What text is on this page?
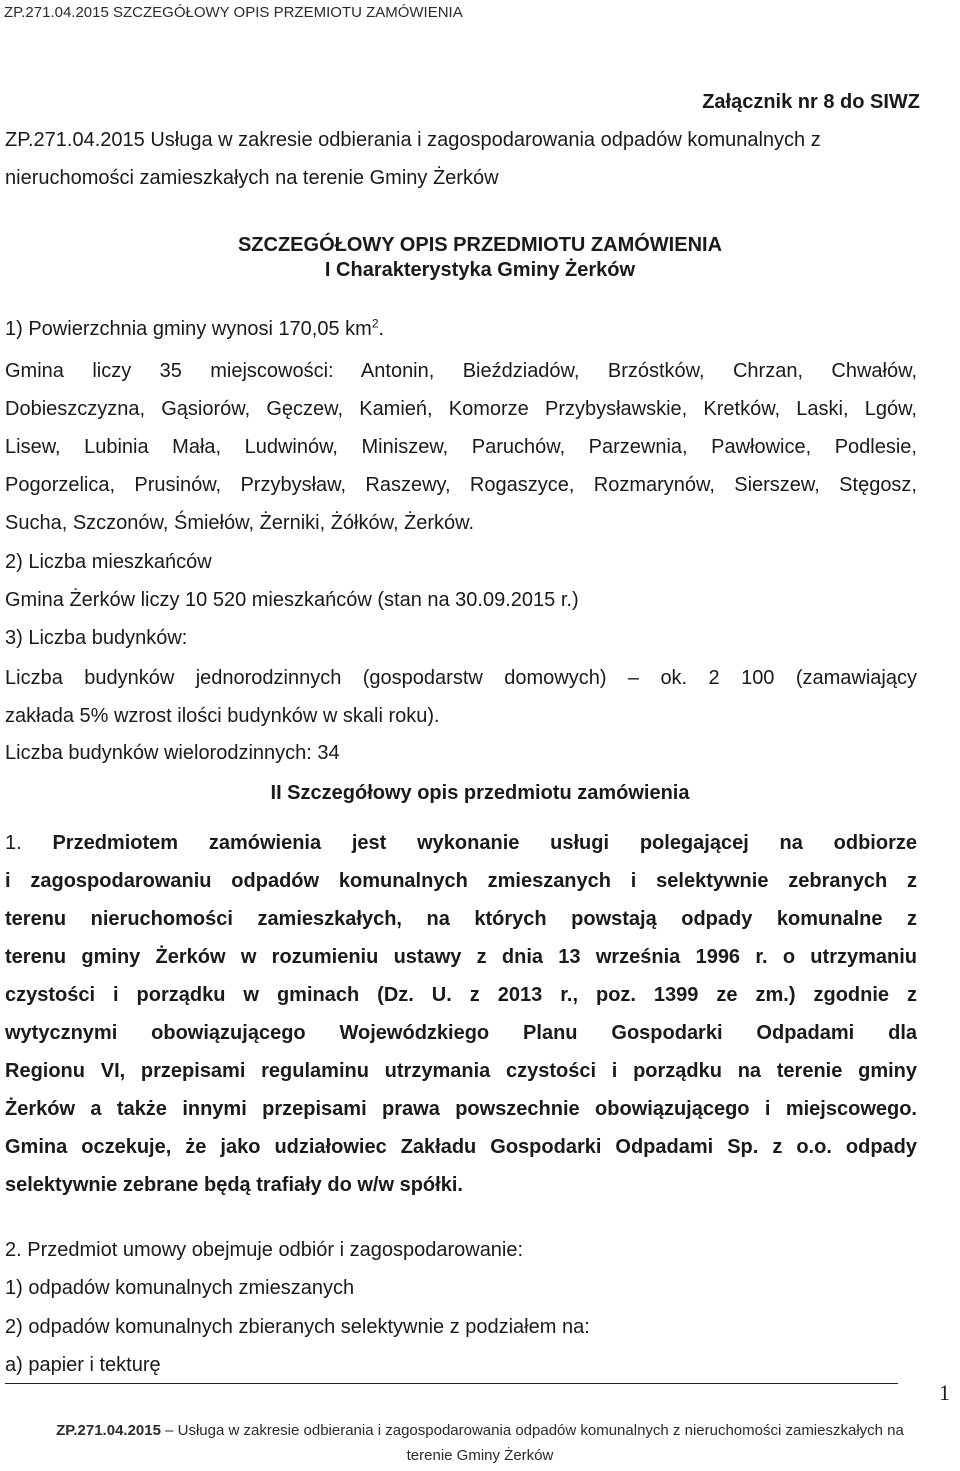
ZP.271.04.2015 SZCZEGÓŁOWY OPIS PRZEMIOTU ZAMÓWIENIA
Załącznik nr 8 do SIWZ
ZP.271.04.2015 Usługa w zakresie odbierania i zagospodarowania odpadów komunalnych z
nieruchomości zamieszkałych na terenie Gminy Żerków
SZCZEGÓŁOWY OPIS PRZEDMIOTU ZAMÓWIENIA
I Charakterystyka Gminy Żerków
1) Powierzchnia gminy wynosi 170,05 $km^2$.
Gmina liczy 35 miejscowości: Antonin, Bieździadów, Brzóstków, Chrzan, Chwałów,
Dobieszczyzna, Gąsiorów, Gęczew, Kamień, Komorze Przybysławskie, Kretków, Laski, Lgów,
Lisew, Lubinia Mała, Ludwinów, Miniszew, Paruchów, Parzewnia, Pawłowice, Podlesie,
Pogorzelica, Prusinów, Przybysław, Raszewy, Rogaszyce, Rozmarynów, Sierszew, Stęgosz,
Sucha, Szczonów, Śmiełów, Żerniki, Żółków, Żerków.
2) Liczba mieszkańców
Gmina Żerków liczy 10 520 mieszkańców (stan na 30.09.2015 r.)
3) Liczba budynków:
Liczba budynków jednorodzinnych (gospodarstw domowych) – ok. 2 100 (zamawiający
zakłada 5% wzrost ilości budynków w skali roku).
Liczba budynków wielorodzinnych: 34
II Szczegółowy opis przedmiotu zamówienia
1. Przedmiotem zamówienia jest wykonanie usługi polegającej na odbiorze
i zagospodarowaniu odpadów komunalnych zmieszanych i selektywnie zebranych z
terenu nieruchomości zamieszkałych, na których powstają odpady komunalne z
terenu gminy Żerków w rozumieniu ustawy z dnia 13 września 1996 r. o utrzymaniu
czystości i porządku w gminach (Dz. U. z 2013 r., poz. 1399 ze zm.) zgodnie z
wytycznymi obowiązującego Wojewódzkiego Planu Gospodarki Odpadami dla
Regionu VI, przepisami regulaminu utrzymania czystości i porządku na terenie gminy
Żerków a także innymi przepisami prawa powszechnie obowiązującego i miejscowego.
Gmina oczekuje, że jako udziałowiec Zakładu Gospodarki Odpadami Sp. z o.o. odpady
selektywnie zebrane będą trafiały do w/w spółki.
2. Przedmiot umowy obejmuje odbiór i zagospodarowanie:
1) odpadów komunalnych zmieszanych
2) odpadów komunalnych zbieranych selektywnie z podziałem na:
a) papier i tekturę
1
ZP.271.04.2015 – Usługa w zakresie odbierania i zagospodarowania odpadów komunalnych z nieruchomości zamieszkałych na
terenie Gminy Żerków
